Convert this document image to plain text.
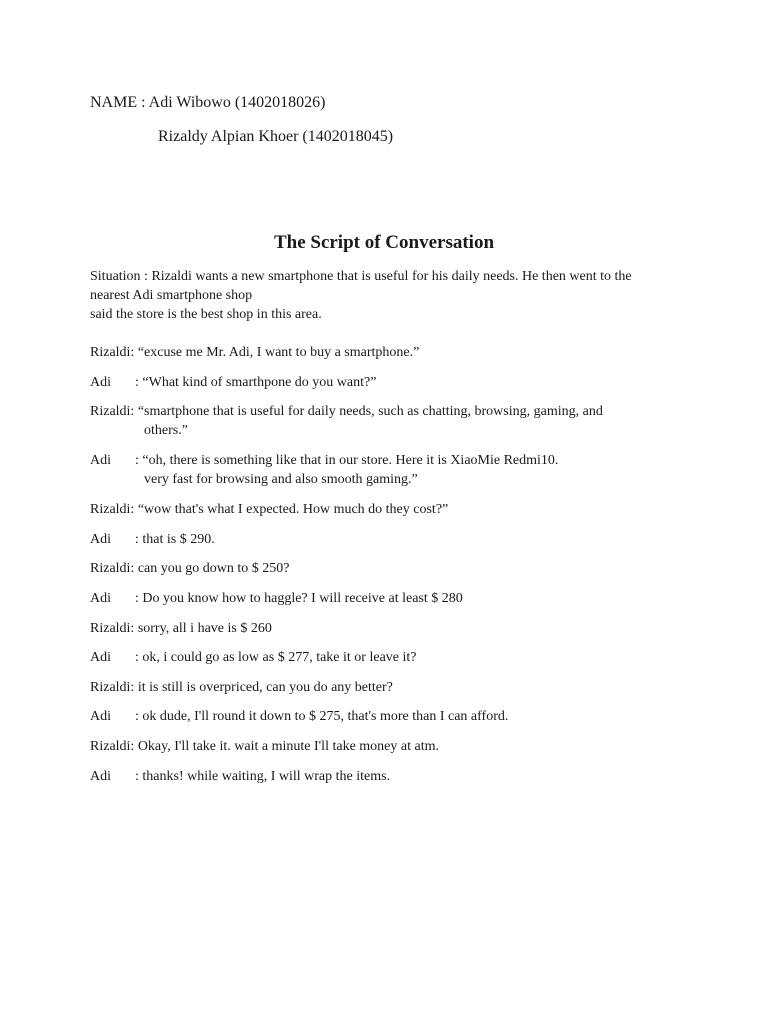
NAME : Adi Wibowo (1402018026)
Rizaldy Alpian Khoer (1402018045)
The Script of Conversation
Situation : Rizaldi wants a new smartphone that is useful for his daily needs. He then went to the
nearest Adi smartphone shop
said the store is the best shop in this area.
Rizaldi: “excuse me Mr. Adi, I want to buy a smartphone.”
Adi : “What kind of smarthpone do you want?”
Rizaldi: “smartphone that is useful for daily needs, such as chatting, browsing, gaming, and
others.”
Adi : “oh, there is something like that in our store. Here it is XiaoMie Redmi10.
very fast for browsing and also smooth gaming.”
Rizaldi: “wow that's what I expected. How much do they cost?”
Adi : that is $ 290.
Rizaldi: can you go down to $ 250?
Adi : Do you know how to haggle? I will receive at least $ 280
Rizaldi: sorry, all i have is $ 260
Adi : ok, i could go as low as $ 277, take it or leave it?
Rizaldi: it is still is overpriced, can you do any better?
Adi : ok dude, I'll round it down to $ 275, that's more than I can afford.
Rizaldi: Okay, I'll take it. wait a minute I'll take money at atm.
Adi : thanks! while waiting, I will wrap the items.
